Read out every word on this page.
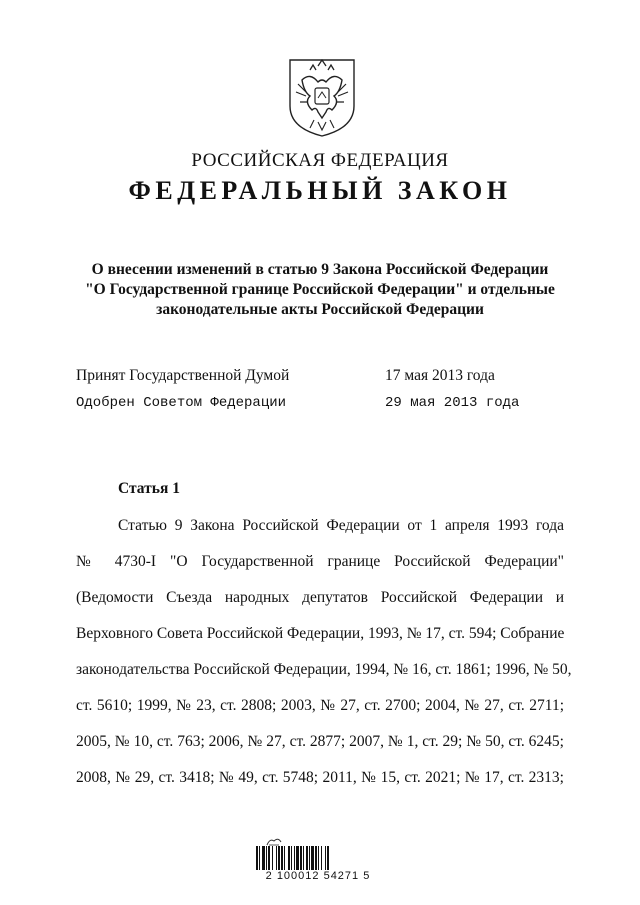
РОССИЙСКАЯ ФЕДЕРАЦИЯ
ФЕДЕРАЛЬНЫЙ ЗАКОН
О внесении изменений в статью 9 Закона Российской Федерации
"О Государственной границе Российской Федерации" и отдельные
законодательные акты Российской Федерации
Принят Государственной Думой	17 мая 2013 года
Одобрен Советом Федерации	29 мая 2013 года
Статья 1
Статью 9 Закона Российской Федерации от 1 апреля 1993 года
№ 4730-I "О Государственной границе Российской Федерации"
(Ведомости Съезда народных депутатов Российской Федерации и
Верховного Совета Российской Федерации, 1993, № 17, ст. 594; Собрание
законодательства Российской Федерации, 1994, № 16, ст. 1861; 1996, № 50,
ст. 5610; 1999, № 23, ст. 2808; 2003, № 27, ст. 2700; 2004, № 27, ст. 2711;
2005, № 10, ст. 763; 2006, № 27, ст. 2877; 2007, № 1, ст. 29; № 50, ст. 6245;
2008, № 29, ст. 3418; № 49, ст. 5748; 2011, № 15, ст. 2021; № 17, ст. 2313;
2 100012 54271 5
